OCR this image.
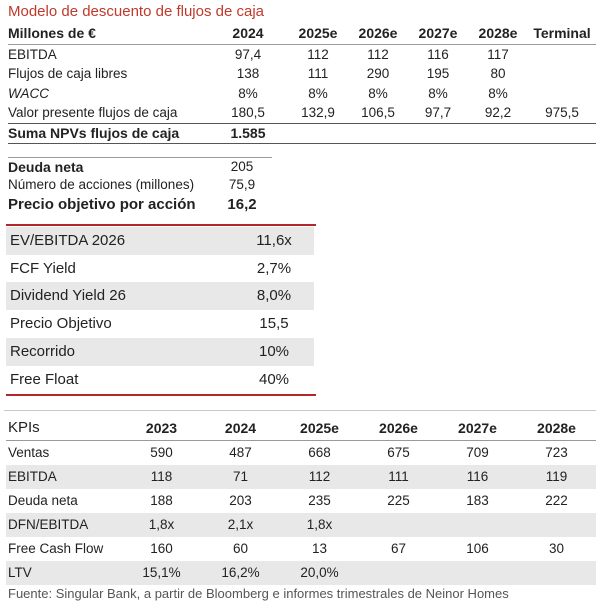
Modelo de descuento de flujos de caja
Millones de €	2024	2025e	2026e	2027e	2028e	Terminal
EBITDA	97,4	112	112	116	117	
Flujos de caja libres	138	111	290	195	80	
WACC	8%	8%	8%	8%	8%	
Valor presente flujos de caja	180,5	132,9	106,5	97,7	92,2	975,5
Suma NPVs flujos de caja	1.585					
Deuda neta	205
Número de acciones (millones)	75,9
Precio objetivo por acción	16,2
EV/EBITDA 2026	11,6x
FCF Yield	2,7%
Dividend Yield 26	8,0%
Precio Objetivo	15,5
Recorrido	10%
Free Float	40%
KPIs	2023	2024	2025e	2026e	2027e	2028e
Ventas	590	487	668	675	709	723
EBITDA	118	71	112	111	116	119
Deuda neta	188	203	235	225	183	222
DFN/EBITDA	1,8x	2,1x	1,8x			
Free Cash Flow	160	60	13	67	106	30
LTV	15,1%	16,2%	20,0%			
Fuente: Singular Bank, a partir de Bloomberg e informes trimestrales de Neinor Homes
